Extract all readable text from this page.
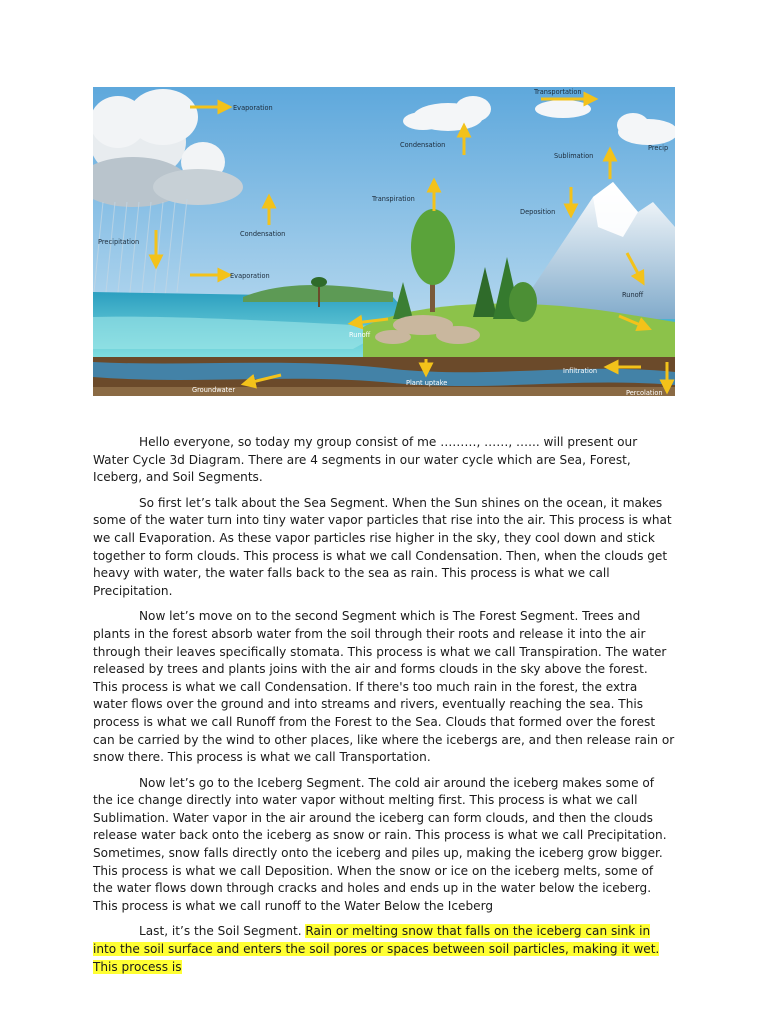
Evaporation
Evaporation
Precipitation
Condensation
Transpiration
Condensation
Transportation
Sublimation
Precip
Deposition
Runoff
Runoff
Infiltration
Plant uptake
Groundwater	Percolation

Hello everyone, so today my group consist of me ………, ……, …... will present our Water Cycle 3d Diagram. There are 4 segments in our water cycle which are Sea, Forest, Iceberg, and Soil Segments.

So first let’s talk about the Sea Segment. When the Sun shines on the ocean, it makes some of the water turn into tiny water vapor particles that rise into the air. This process is what we call Evaporation. As these vapor particles rise higher in the sky, they cool down and stick together to form clouds. This process is what we call Condensation. Then, when the clouds get heavy with water, the water falls back to the sea as rain. This process is what we call Precipitation.

Now let’s move on to the second Segment which is The Forest Segment. Trees and plants in the forest absorb water from the soil through their roots and release it into the air through their leaves specifically stomata. This process is what we call Transpiration. The water released by trees and plants joins with the air and forms clouds in the sky above the forest. This process is what we call Condensation. If there's too much rain in the forest, the extra water flows over the ground and into streams and rivers, eventually reaching the sea. This process is what we call Runoff from the Forest to the Sea. Clouds that formed over the forest can be carried by the wind to other places, like where the icebergs are, and then release rain or snow there. This process is what we call Transportation.

Now let’s go to the Iceberg Segment. The cold air around the iceberg makes some of the ice change directly into water vapor without melting first. This process is what we call Sublimation. Water vapor in the air around the iceberg can form clouds, and then the clouds release water back onto the iceberg as snow or rain. This process is what we call Precipitation. Sometimes, snow falls directly onto the iceberg and piles up, making the iceberg grow bigger. This process is what we call Deposition. When the snow or ice on the iceberg melts, some of the water flows down through cracks and holes and ends up in the water below the iceberg. This process is what we call runoff to the Water Below the Iceberg

Last, it’s the Soil Segment. Rain or melting snow that falls on the iceberg can sink in into the soil surface and enters the soil pores or spaces between soil particles, making it wet. This process is
